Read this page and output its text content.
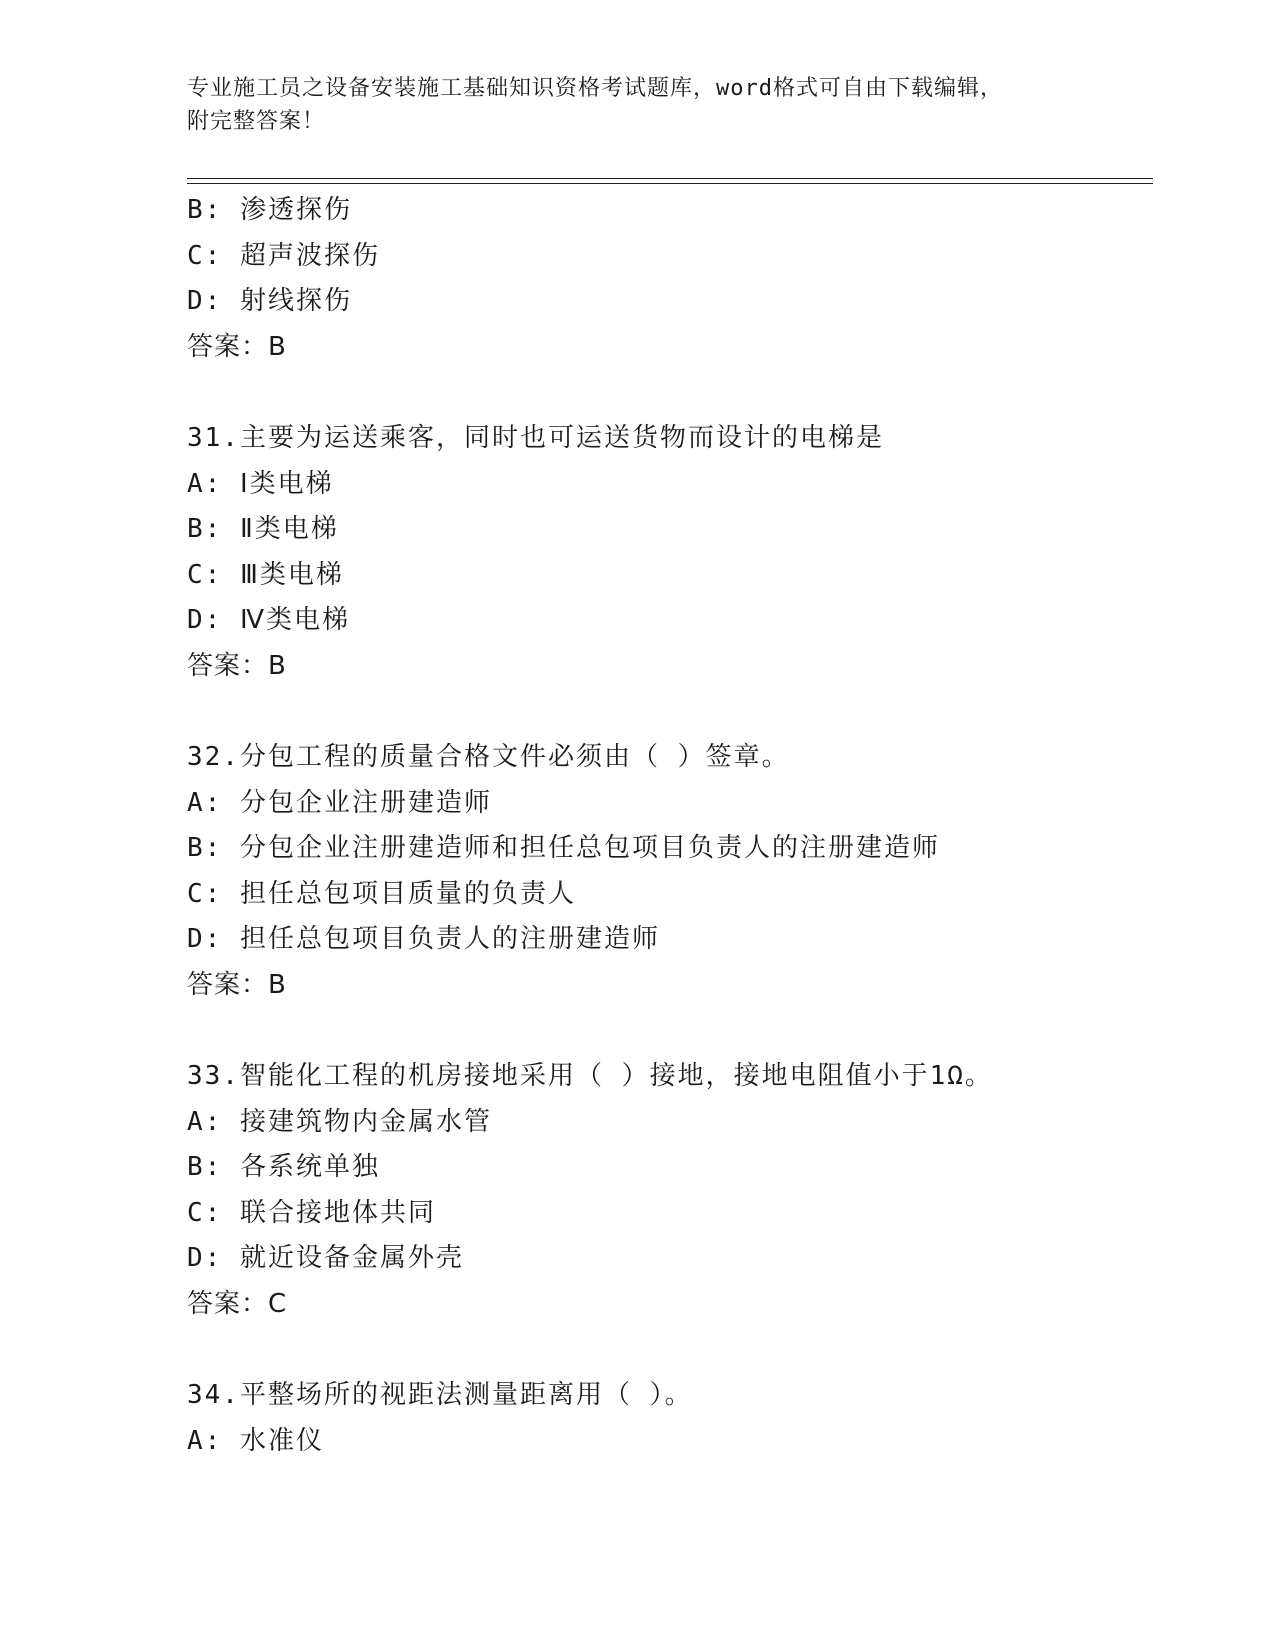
专业施工员之设备安装施工基础知识资格考试题库，word格式可自由下载编辑，
附完整答案！
B: 渗透探伤
C: 超声波探伤
D: 射线探伤
答案：B
31.主要为运送乘客，同时也可运送货物而设计的电梯是
A: Ⅰ类电梯
B: Ⅱ类电梯
C: Ⅲ类电梯
D: Ⅳ类电梯
答案：B
32.分包工程的质量合格文件必须由（ ）签章。
A: 分包企业注册建造师
B: 分包企业注册建造师和担任总包项目负责人的注册建造师
C: 担任总包项目质量的负责人
D: 担任总包项目负责人的注册建造师
答案：B
33.智能化工程的机房接地采用（ ）接地，接地电阻值小于1Ω。
A: 接建筑物内金属水管
B: 各系统单独
C: 联合接地体共同
D: 就近设备金属外壳
答案：C
34.平整场所的视距法测量距离用（ ）。
A: 水准仪
